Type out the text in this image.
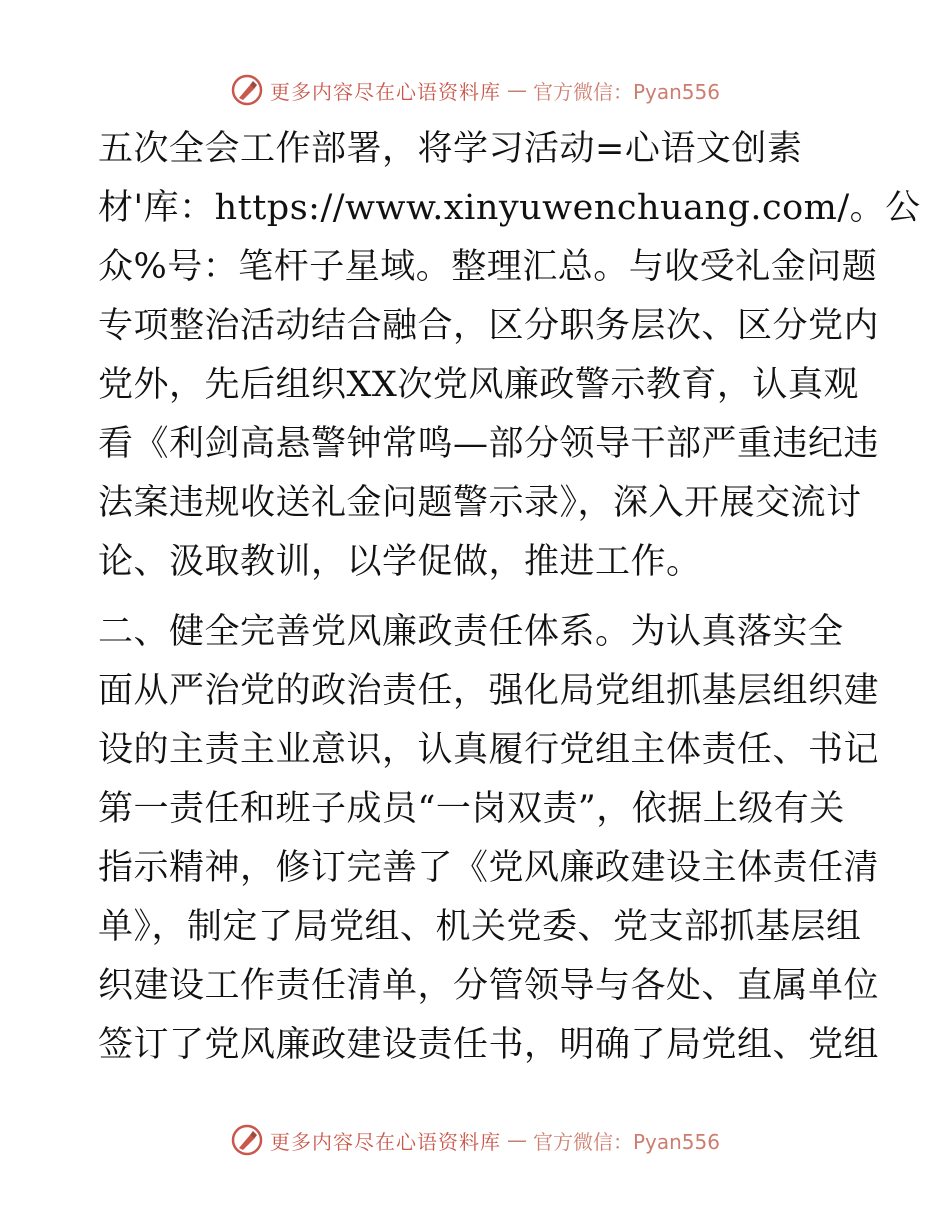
更多内容尽在心语资料库 — 官方微信：Pyan556
五次全会工作部署，将学习活动=心语文创素
材'库：https://www.xinyuwenchuang.com/。公
众%号：笔杆子星域。整理汇总。与收受礼金问题
专项整治活动结合融合，区分职务层次、区分党内
党外，先后组织XX次党风廉政警示教育，认真观
看《利剑高悬警钟常鸣—部分领导干部严重违纪违
法案违规收送礼金问题警示录》，深入开展交流讨
论、汲取教训，以学促做，推进工作。
二、健全完善党风廉政责任体系。为认真落实全
面从严治党的政治责任，强化局党组抓基层组织建
设的主责主业意识，认真履行党组主体责任、书记
第一责任和班子成员“一岗双责”，依据上级有关
指示精神，修订完善了《党风廉政建设主体责任清
单》，制定了局党组、机关党委、党支部抓基层组
织建设工作责任清单，分管领导与各处、直属单位
签订了党风廉政建设责任书，明确了局党组、党组
更多内容尽在心语资料库 — 官方微信：Pyan556
